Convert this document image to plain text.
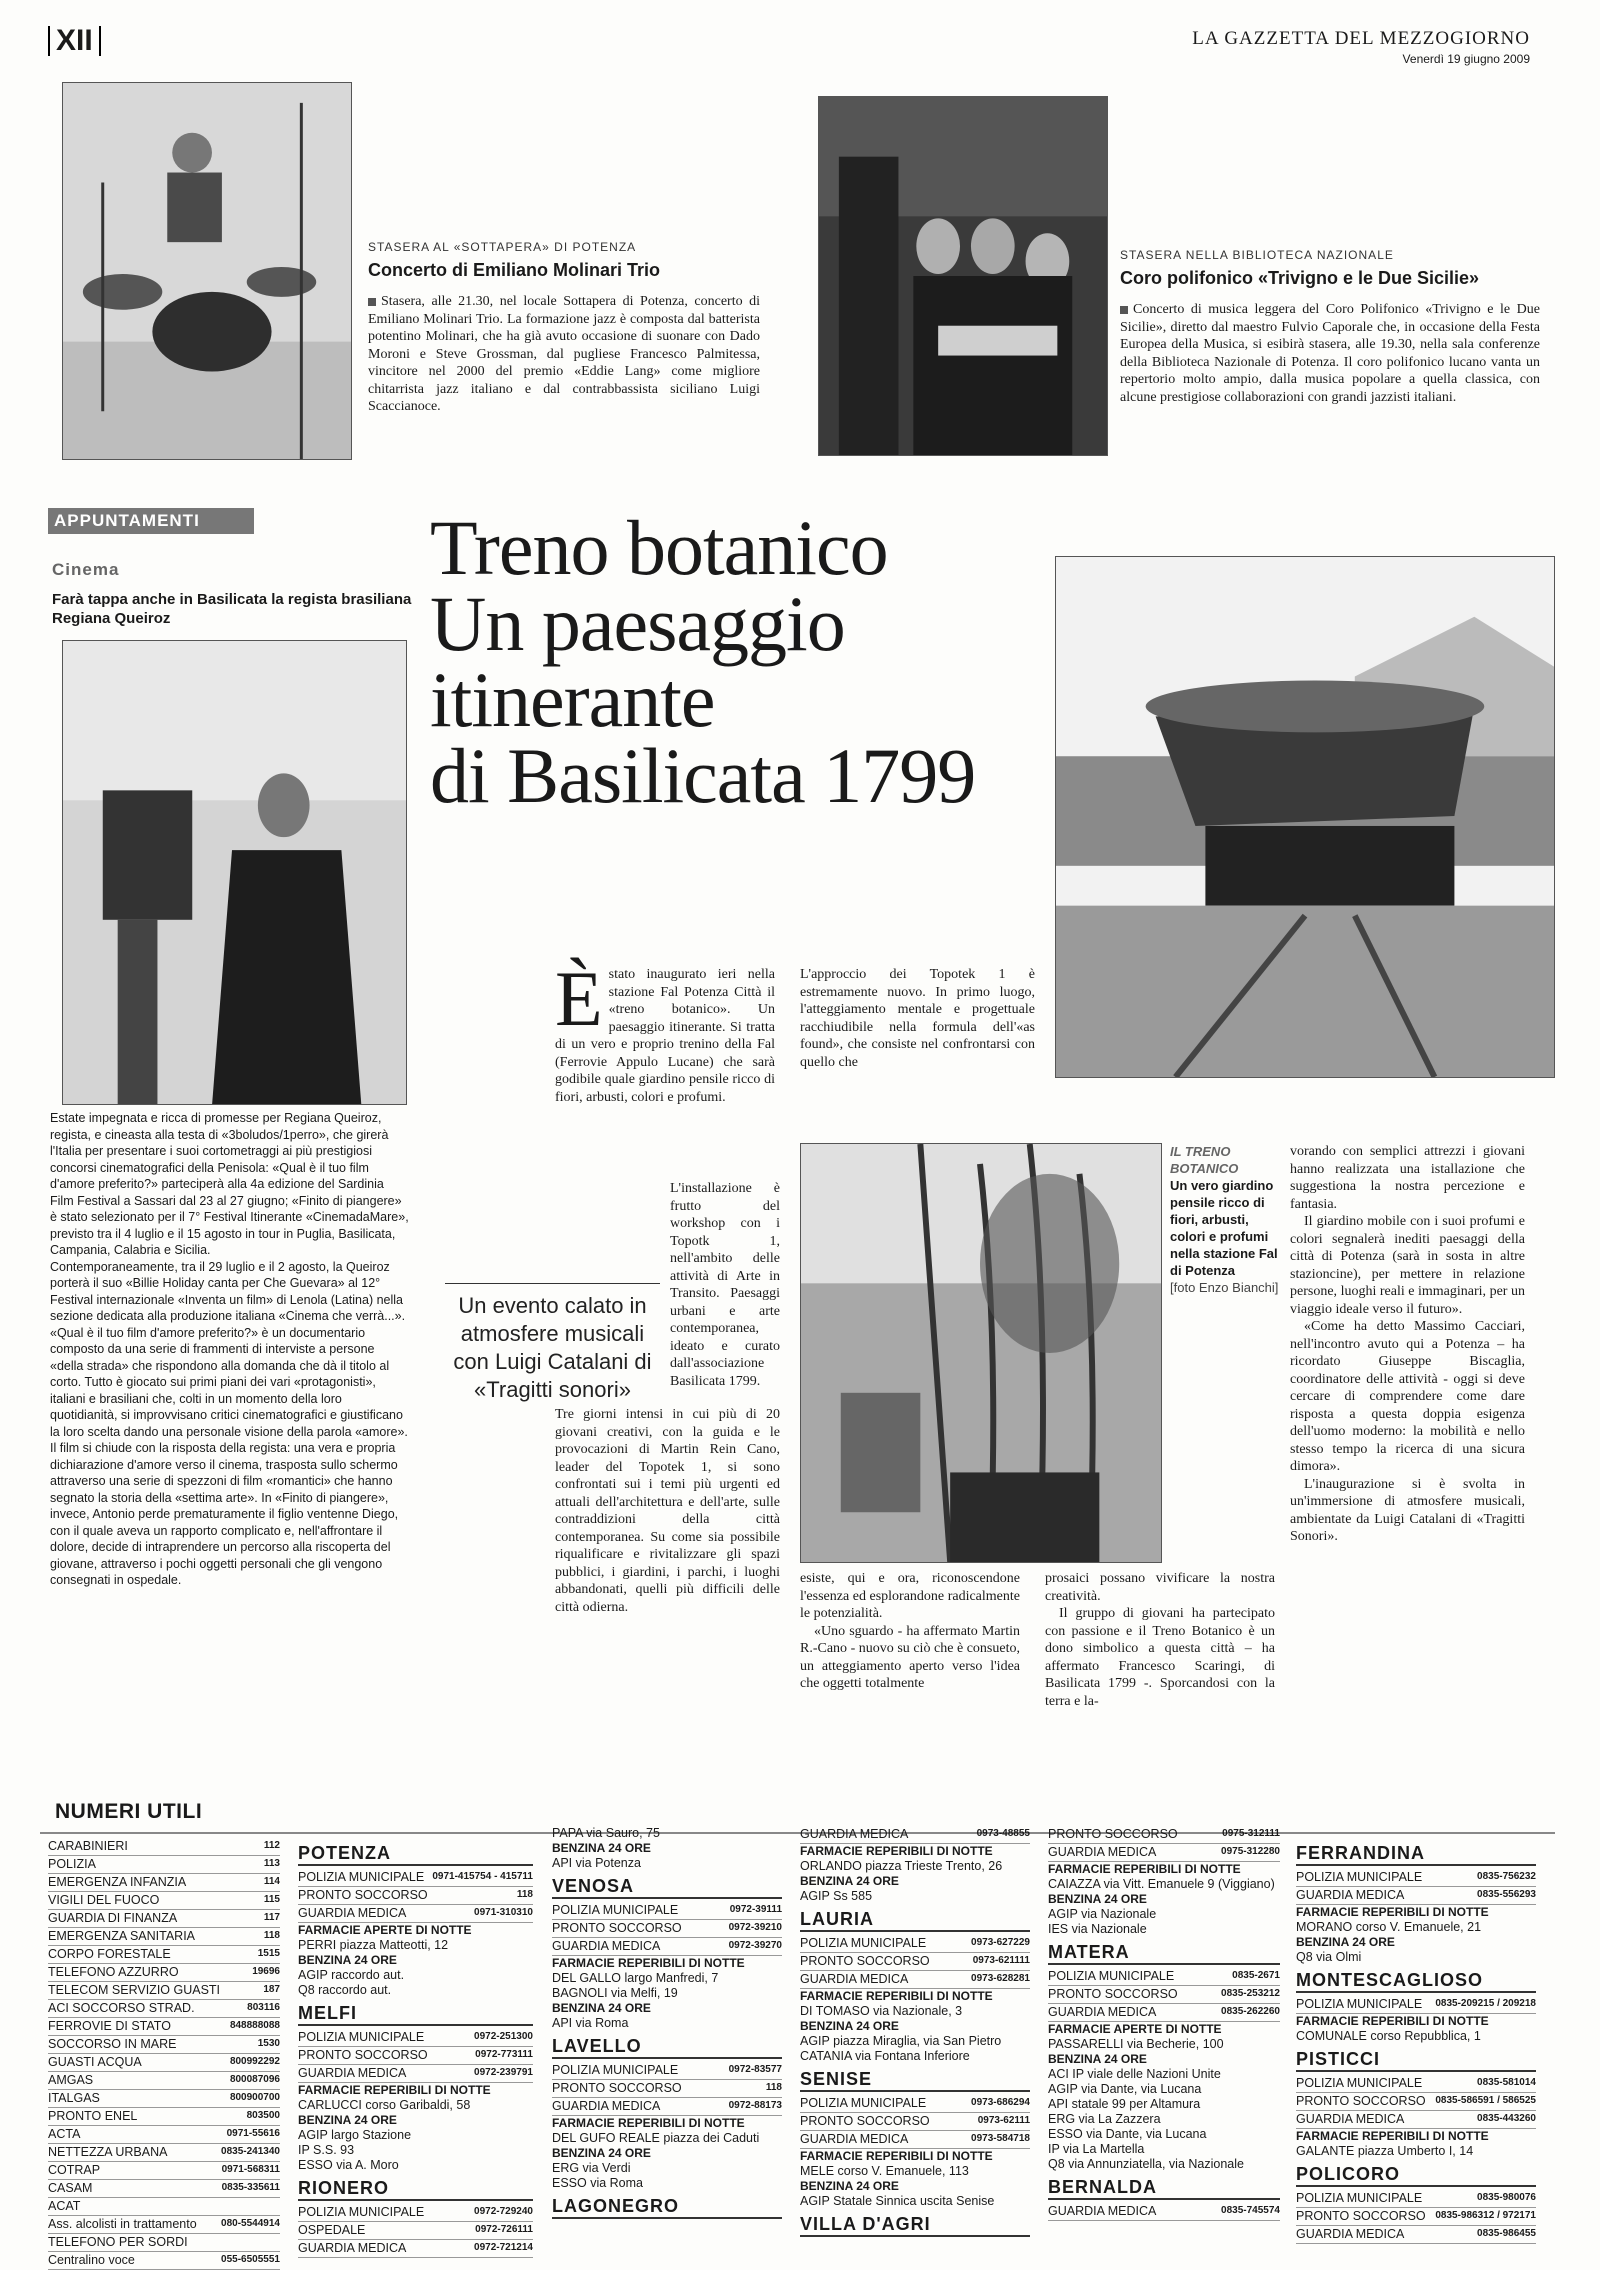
XII	LA GAZZETTA DEL MEZZOGIORNO
Venerdì 19 giugno 2009
STASERA AL «SOTTAPERA» DI POTENZA
Concerto di Emiliano Molinari Trio
Stasera, alle 21.30, nel locale Sottapera di Potenza, concerto di Emiliano Molinari Trio. La formazione jazz è composta dal batterista potentino Molinari, che ha già avuto occasione di suonare con Dado Moroni e Steve Grossman, dal pugliese Francesco Palmitessa, vincitore nel 2000 del premio «Eddie Lang» come migliore chitarrista jazz italiano e dal contrabbassista siciliano Luigi Scaccianoce.
STASERA NELLA BIBLIOTECA NAZIONALE
Coro polifonico «Trivigno e le Due Sicilie»
Concerto di musica leggera del Coro Polifonico «Trivigno e le Due Sicilie», diretto dal maestro Fulvio Caporale che, in occasione della Festa Europea della Musica, si esibirà stasera, alle 19.30, nella sala conferenze della Biblioteca Nazionale di Potenza. Il coro polifonico lucano vanta un repertorio molto ampio, dalla musica popolare a quella classica, con alcune prestigiose collaborazioni con grandi jazzisti italiani.
APPUNTAMENTI
Cinema
Farà tappa anche in Basilicata la regista brasiliana Regiana Queiroz
Estate impegnata e ricca di promesse per Regiana Queiroz, regista, e cineasta alla testa di «3boludos/1perro», che girerà l'Italia per presentare i suoi cortometraggi ai più prestigiosi concorsi cinematografici della Penisola: «Qual è il tuo film d'amore preferito?» parteciperà alla 4a edizione del Sardinia Film Festival a Sassari dal 23 al 27 giugno; «Finito di piangere» è stato selezionato per il 7° Festival Itinerante «CinemadaMare», previsto tra il 4 luglio e il 15 agosto in tour in Puglia, Basilicata, Campania, Calabria e Sicilia.
Contemporaneamente, tra il 29 luglio e il 2 agosto, la Queiroz porterà il suo «Billie Holiday canta per Che Guevara» al 12° Festival internazionale «Inventa un film» di Lenola (Latina) nella sezione dedicata alla produzione italiana «Cinema che verrà...».
«Qual è il tuo film d'amore preferito?» è un documentario composto da una serie di frammenti di interviste a persone «della strada» che rispondono alla domanda che dà il titolo al corto. Tutto è giocato sui primi piani dei vari «protagonisti», italiani e brasiliani che, colti in un momento della loro quotidianità, si improvvisano critici cinematografici e giustificano la loro scelta dando una personale visione della parola «amore».
Il film si chiude con la risposta della regista: una vera e propria dichiarazione d'amore verso il cinema, trasposta sullo schermo attraverso una serie di spezzoni di film «romantici» che hanno segnato la storia della «settima arte». In «Finito di piangere», invece, Antonio perde prematuramente il figlio ventenne Diego, con il quale aveva un rapporto complicato e, nell'affrontare il dolore, decide di intraprendere un percorso alla riscoperta del giovane, attraverso i pochi oggetti personali che gli vengono consegnati in ospedale.
Treno botanico
Un paesaggio
itinerante
di Basilicata 1799
È stato inaugurato ieri nella stazione Fal Potenza Città il «treno botanico». Un paesaggio itinerante. Si tratta di un vero e proprio trenino della Fal (Ferrovie Appulo Lucane) che sarà godibile quale giardino pensile ricco di fiori, arbusti, colori e profumi.
L'installazione è frutto del workshop con i Topotk 1, nell'ambito delle attività di Arte in Transito. Paesaggi urbani e arte contemporanea, ideato e curato dall'associazione Basilicata 1799.
Tre giorni intensi in cui più di 20 giovani creativi, con la guida e le provocazioni di Martin Rein Cano, leader del Topotek 1, si sono confrontati sui i temi più urgenti ed attuali dell'architettura e dell'arte, sulle contraddizioni della città contemporanea. Su come sia possibile riqualificare e rivitalizzare gli spazi pubblici, i giardini, i parchi, i luoghi abbandonati, quelli più difficili delle città odierna.
L'approccio dei Topotek 1 è estremamente nuovo. In primo luogo, l'atteggiamento mentale e progettuale racchiudibile nella formula dell'«as found», che consiste nel confrontarsi con quello che
IL TRENO BOTANICO
Un vero giardino pensile ricco di fiori, arbusti, colori e profumi nella stazione Fal di Potenza
[foto Enzo Bianchi]
esiste, qui e ora, riconoscendone l'essenza ed esplorandone radicalmente le potenzialità.
«Uno sguardo - ha affermato Martin R.-Cano - nuovo su ciò che è consueto, un atteggiamento aperto verso l'idea che oggetti totalmente
prosaici possano vivificare la nostra creatività.
Il gruppo di giovani ha partecipato con passione e il Treno Botanico è un dono simbolico a questa città – ha affermato Francesco Scaringi, di Basilicata 1799 -. Sporcandosi con la terra e la-
vorando con semplici attrezzi i giovani hanno realizzata una istallazione che suggestiona la nostra percezione e fantasia.
Il giardino mobile con i suoi profumi e colori segnalerà inediti paesaggi della città di Potenza (sarà in sosta in altre stazioncine), per mettere in relazione persone, luoghi reali e immaginari, per un viaggio ideale verso il futuro».
«Come ha detto Massimo Cacciari, nell'incontro avuto qui a Potenza – ha ricordato Giuseppe Biscaglia, coordinatore delle attività - oggi si deve cercare di comprendere come dare risposta a questa doppia esigenza dell'uomo moderno: la mobilità e nello stesso tempo la ricerca di una sicura dimora».
L'inaugurazione si è svolta in un'immersione di atmosfere musicali, ambientate da Luigi Catalani di «Tragitti Sonori».
Un evento calato in atmosfere musicali con Luigi Catalani di «Tragitti sonori»
NUMERI UTILI
CARABINIERI	112
POLIZIA	113
EMERGENZA INFANZIA	114
VIGILI DEL FUOCO	115
GUARDIA DI FINANZA	117
EMERGENZA SANITARIA	118
CORPO FORESTALE	1515
TELEFONO AZZURRO	19696
TELECOM SERVIZIO GUASTI	187
ACI SOCCORSO STRAD.	803116
FERROVIE DI STATO	848888088
SOCCORSO IN MARE	1530
GUASTI ACQUA	800992292
AMGAS	800087096
ITALGAS	800900700
PRONTO ENEL	803500
ACTA	0971-55616
NETTEZZA URBANA	0835-241340
COTRAP	0971-568311
CASAM	0835-335611
ACAT
Ass. alcolisti in trattamento 080-5544914
TELEFONO PER SORDI
Centralino voce	055-6505551
POTENZA
POLIZIA MUNICIPALE 0971-415754 - 415711
PRONTO SOCCORSO	118
GUARDIA MEDICA	0971-310310
FARMACIE APERTE DI NOTTE
PERRI piazza Matteotti, 12
BENZINA 24 ORE
AGIP raccordo aut.
Q8 raccordo aut.
MELFI
POLIZIA MUNICIPALE	0972-251300
PRONTO SOCCORSO	0972-773111
GUARDIA MEDICA	0972-239791
FARMACIE REPERIBILI DI NOTTE
CARLUCCI corso Garibaldi, 58
BENZINA 24 ORE
AGIP largo Stazione
IP S.S. 93
ESSO via A. Moro
RIONERO
POLIZIA MUNICIPALE	0972-729240
OSPEDALE	0972-726111
GUARDIA MEDICA	0972-721214
PAPA via Sauro, 75
BENZINA 24 ORE
API via Potenza
VENOSA
POLIZIA MUNICIPALE	0972-39111
PRONTO SOCCORSO	0972-39210
GUARDIA MEDICA	0972-39270
FARMACIE REPERIBILI DI NOTTE
DEL GALLO largo Manfredi, 7
BAGNOLI via Melfi, 19
BENZINA 24 ORE
API via Roma
LAVELLO
POLIZIA MUNICIPALE	0972-83577
PRONTO SOCCORSO	118
GUARDIA MEDICA	0972-88173
FARMACIE REPERIBILI DI NOTTE
DEL GUFO REALE piazza dei Caduti
BENZINA 24 ORE
ERG via Verdi
ESSO via Roma
LAGONEGRO
GUARDIA MEDICA	0973-48855
FARMACIE REPERIBILI DI NOTTE
ORLANDO piazza Trieste Trento, 26
BENZINA 24 ORE
AGIP Ss 585
LAURIA
POLIZIA MUNICIPALE	0973-627229
PRONTO SOCCORSO	0973-621111
GUARDIA MEDICA	0973-628281
FARMACIE REPERIBILI DI NOTTE
DI TOMASO via Nazionale, 3
BENZINA 24 ORE
AGIP piazza Miraglia, via San Pietro
CATANIA via Fontana Inferiore
SENISE
POLIZIA MUNICIPALE	0973-686294
PRONTO SOCCORSO	0973-62111
GUARDIA MEDICA	0973-584718
FARMACIE REPERIBILI DI NOTTE
MELE corso V. Emanuele, 113
BENZINA 24 ORE
AGIP Statale Sinnica uscita Senise
VILLA D'AGRI
PRONTO SOCCORSO	0975-312111
GUARDIA MEDICA	0975-312280
FARMACIE REPERIBILI DI NOTTE
CAIAZZA via Vitt. Emanuele 9 (Viggiano)
BENZINA 24 ORE
AGIP via Nazionale
IES via Nazionale
MATERA
POLIZIA MUNICIPALE	0835-2671
PRONTO SOCCORSO	0835-253212
GUARDIA MEDICA	0835-262260
FARMACIE APERTE DI NOTTE
PASSARELLI via Becherie, 100
BENZINA 24 ORE
ACI IP viale delle Nazioni Unite
AGIP via Dante, via Lucana
API statale 99 per Altamura
ERG via La Zazzera
ESSO via Dante, via Lucana
IP via La Martella
Q8 via Annunziatella, via Nazionale
BERNALDA
GUARDIA MEDICA	0835-745574
FERRANDINA
POLIZIA MUNICIPALE	0835-756232
GUARDIA MEDICA	0835-556293
FARMACIE REPERIBILI DI NOTTE
MORANO corso V. Emanuele, 21
BENZINA 24 ORE
Q8 via Olmi
MONTESCAGLIOSO
POLIZIA MUNICIPALE 0835-209215 / 209218
FARMACIE REPERIBILI DI NOTTE
COMUNALE corso Repubblica, 1
PISTICCI
POLIZIA MUNICIPALE	0835-581014
PRONTO SOCCORSO 0835-586591 / 586525
GUARDIA MEDICA	0835-443260
FARMACIE REPERIBILI DI NOTTE
GALANTE piazza Umberto I, 14
POLICORO
POLIZIA MUNICIPALE	0835-980076
PRONTO SOCCORSO 0835-986312 / 972171
GUARDIA MEDICA	0835-986455
